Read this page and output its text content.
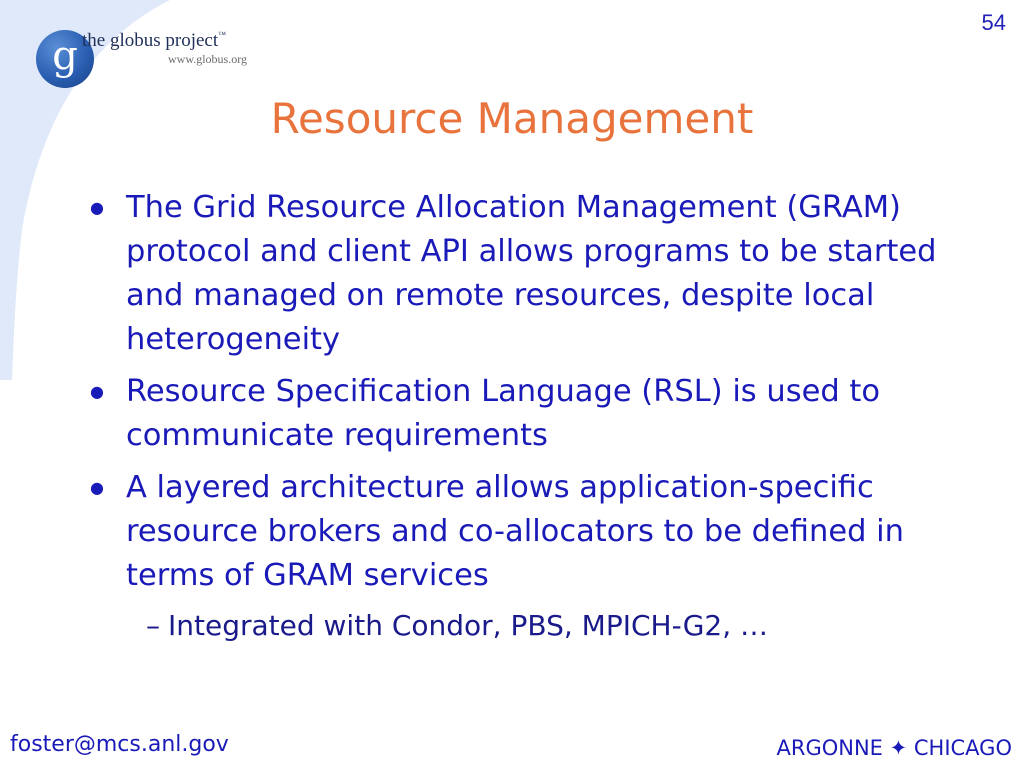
g the globus project™
www.globus.org
54
Resource Management
● The Grid Resource Allocation Management (GRAM) protocol and client API allows programs to be started and managed on remote resources, despite local heterogeneity
● Resource Specification Language (RSL) is used to communicate requirements
● A layered architecture allows application-specific resource brokers and co-allocators to be defined in terms of GRAM services
– Integrated with Condor, PBS, MPICH-G2, …
foster@mcs.anl.gov	ARGONNE ✦ CHICAGO
